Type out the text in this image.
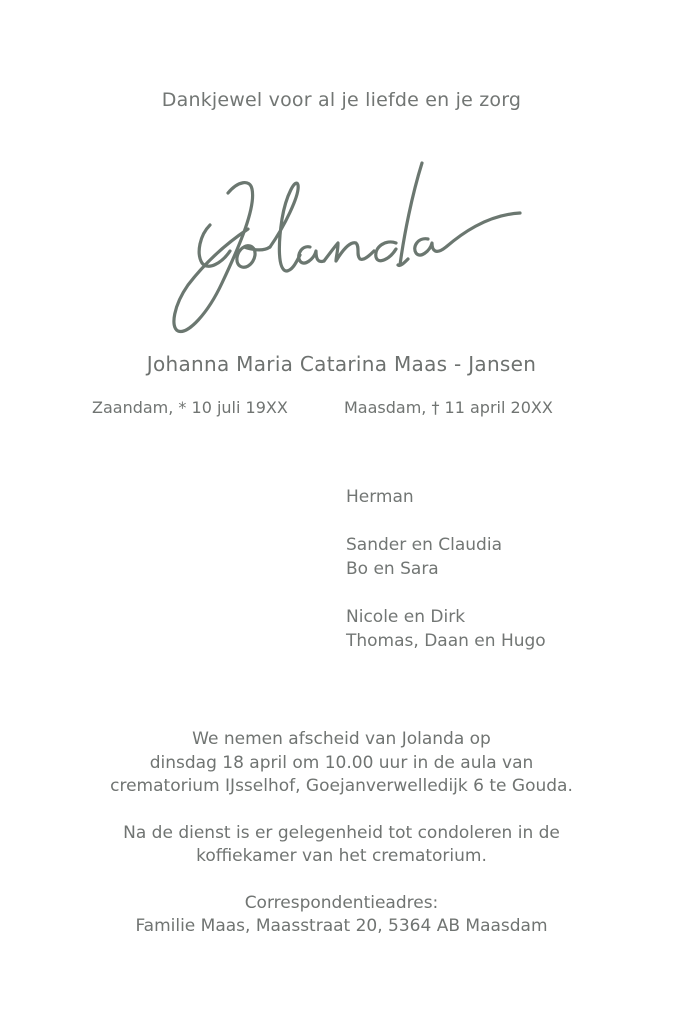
Dankjewel voor al je liefde en je zorg
Johanna Maria Catarina Maas - Jansen
Zaandam, * 10 juli 19XX	Maasdam, † 11 april 20XX
Herman
Sander en Claudia
Bo en Sara
Nicole en Dirk
Thomas, Daan en Hugo
We nemen afscheid van Jolanda op
dinsdag 18 april om 10.00 uur in de aula van
crematorium IJsselhof, Goejanverwelledijk 6 te Gouda.
Na de dienst is er gelegenheid tot condoleren in de
koffiekamer van het crematorium.
Correspondentieadres:
Familie Maas, Maasstraat 20, 5364 AB Maasdam
